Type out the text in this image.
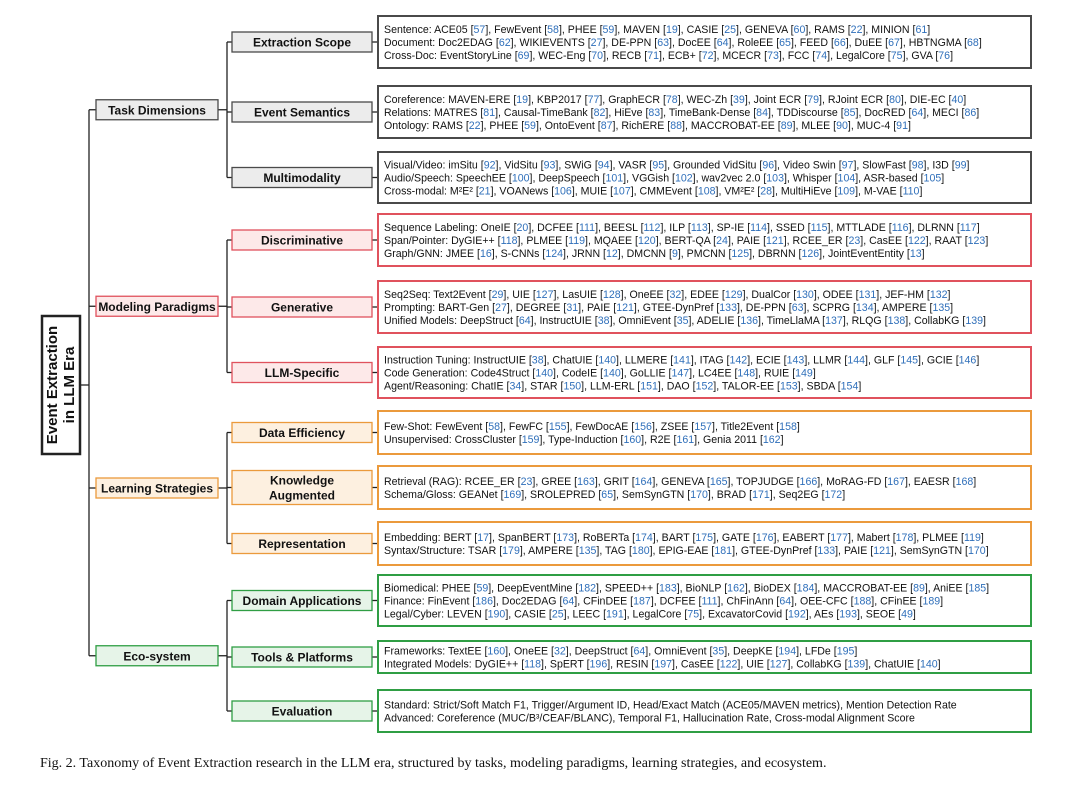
Event Extraction in LLM Era
Extraction Scope
Sentence: ACE05 [57], FewEvent [58], PHEE [59], MAVEN [19], CASIE [25], GENEVA [60], RAMS [22], MINION [61]
Document: Doc2EDAG [62], WIKIEVENTS [27], DE-PPN [63], DocEE [64], RoleEE [65], FEED [66], DuEE [67], HBTNGMA [68]
Cross-Doc: EventStoryLine [69], WEC-Eng [70], RECB [71], ECB+ [72], MCECR [73], FCC [74], LegalCore [75], GVA [76]
Event Semantics
Coreference: MAVEN-ERE [19], KBP2017 [77], GraphECR [78], WEC-Zh [39], Joint ECR [79], RJoint ECR [80], DIE-EC [40]
Relations: MATRES [81], Causal-TimeBank [82], HiEve [83], TimeBank-Dense [84], TDDiscourse [85], DocRED [64], MECI [86]
Ontology: RAMS [22], PHEE [59], OntoEvent [87], RichERE [88], MACCROBAT-EE [89], MLEE [90], MUC-4 [91]
Multimodality
Visual/Video: imSitu [92], VidSitu [93], SWiG [94], VASR [95], Grounded VidSitu [96], Video Swin [97], SlowFast [98], I3D [99]
Audio/Speech: SpeechEE [100], DeepSpeech [101], VGGish [102], wav2vec 2.0 [103], Whisper [104], ASR-based [105]
Cross-modal: M²E² [21], VOANews [106], MUIE [107], CMMEvent [108], VM²E² [28], MultiHiEve [109], M-VAE [110]
Task Dimensions
Discriminative
Sequence Labeling: OneIE [20], DCFEE [111], BEESL [112], ILP [113], SP-IE [114], SSED [115], MTTLADE [116], DLRNN [117]
Span/Pointer: DyGIE++ [118], PLMEE [119], MQAEE [120], BERT-QA [24], PAIE [121], RCEE_ER [23], CasEE [122], RAAT [123]
Graph/GNN: JMEE [16], S-CNNs [124], JRNN [12], DMCNN [9], PMCNN [125], DBRNN [126], JointEventEntity [13]
Generative
Seq2Seq: Text2Event [29], UIE [127], LasUIE [128], OneEE [32], EDEE [129], DualCor [130], ODEE [131], JEF-HM [132]
Prompting: BART-Gen [27], DEGREE [31], PAIE [121], GTEE-DynPref [133], DE-PPN [63], SCPRG [134], AMPERE [135]
Unified Models: DeepStruct [64], InstructUIE [38], OmniEvent [35], ADELIE [136], TimeLlaMA [137], RLQG [138], CollabKG [139]
LLM-Specific
Instruction Tuning: InstructUIE [38], ChatUIE [140], LLMERE [141], ITAG [142], ECIE [143], LLMR [144], GLF [145], GCIE [146]
Code Generation: Code4Struct [140], CodeIE [140], GoLLIE [147], LC4EE [148], RUIE [149]
Agent/Reasoning: ChatIE [34], STAR [150], LLM-ERL [151], DAO [152], TALOR-EE [153], SBDA [154]
Modeling Paradigms
Data Efficiency	Few-Shot: FewEvent [58], FewFC [155], FewDocAE [156], ZSEE [157], Title2Event [158]
Unsupervised: CrossCluster [159], Type-Induction [160], R2E [161], Genia 2011 [162]
Knowledge
Augmented
Retrieval (RAG): RCEE_ER [23], GREE [163], GRIT [164], GENEVA [165], TOPJUDGE [166], MoRAG-FD [167], EAESR [168]
Schema/Gloss: GEANet [169], SROLEPRED [65], SemSynGTN [170], BRAD [171], Seq2EG [172]
Representation	Embedding: BERT [17], SpanBERT [173], RoBERTa [174], BART [175], GATE [176], EABERT [177], Mabert [178], PLMEE [119]
Syntax/Structure: TSAR [179], AMPERE [135], TAG [180], EPIG-EAE [181], GTEE-DynPref [133], PAIE [121], SemSynGTN [170]
Learning Strategies
Domain Applications
Biomedical: PHEE [59], DeepEventMine [182], SPEED++ [183], BioNLP [162], BioDEX [184], MACCROBAT-EE [89], AniEE [185]
Finance: FinEvent [186], Doc2EDAG [64], CFinDEE [187], DCFEE [111], ChFinAnn [64], OEE-CFC [188], CFinEE [189]
Legal/Cyber: LEVEN [190], CASIE [25], LEEC [191], LegalCore [75], ExcavatorCovid [192], AEs [193], SEOE [49]
Tools & Platforms	Frameworks: TextEE [160], OneEE [32], DeepStruct [64], OmniEvent [35], DeepKE [194], LFDe [195]
Integrated Models: DyGIE++ [118], SpERT [196], RESIN [197], CasEE [122], UIE [127], CollabKG [139], ChatUIE [140]
Evaluation	Standard: Strict/Soft Match F1, Trigger/Argument ID, Head/Exact Match (ACE05/MAVEN metrics), Mention Detection Rate
Advanced: Coreference (MUC/B³/CEAF/BLANC), Temporal F1, Hallucination Rate, Cross-modal Alignment Score
Eco-system
Fig. 2. Taxonomy of Event Extraction research in the LLM era, structured by tasks, modeling paradigms, learning strategies, and ecosystem.
